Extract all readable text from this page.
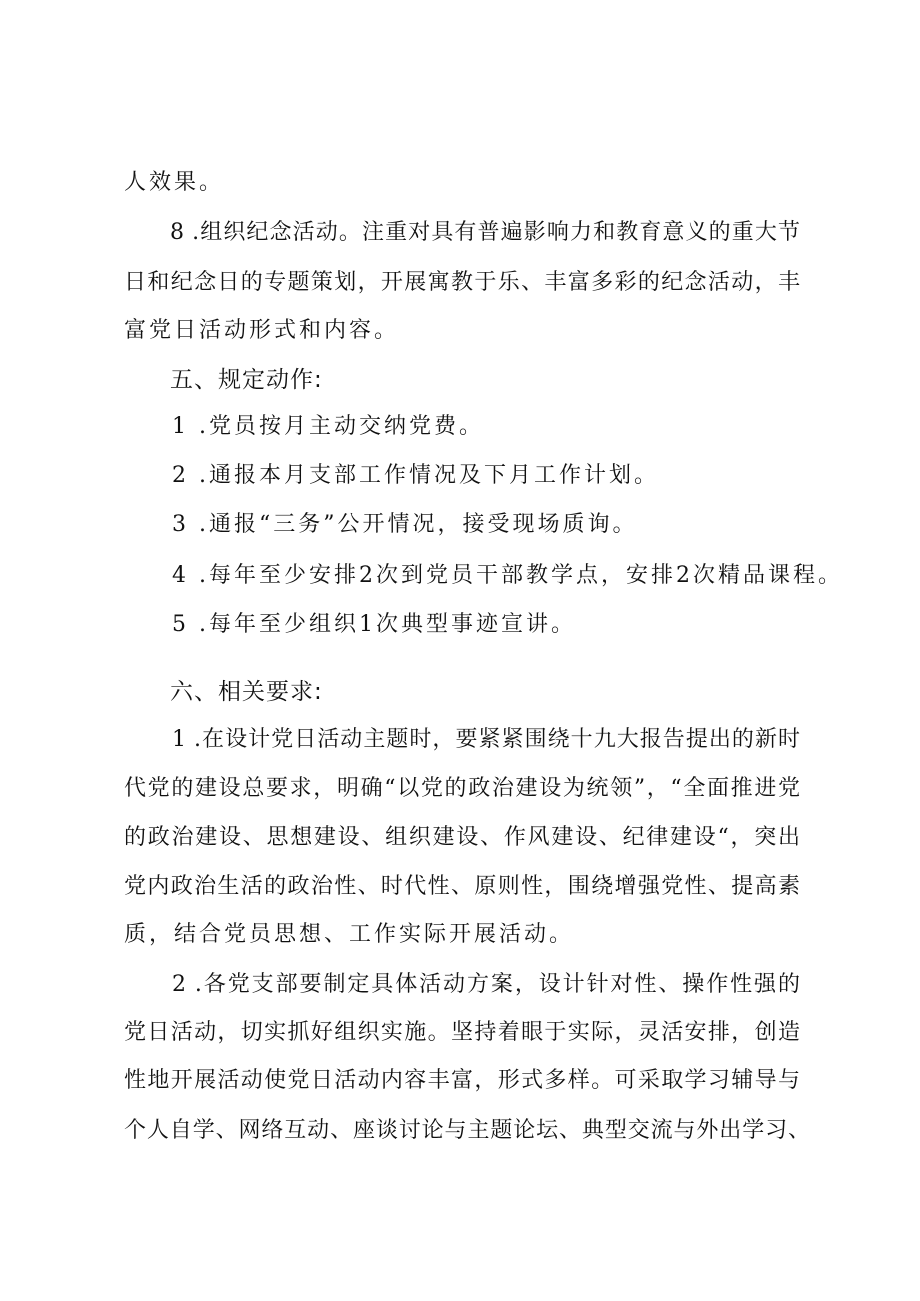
人效果。
8 .组织纪念活动。注重对具有普遍影响力和教育意义的重大节
日和纪念日的专题策划，开展寓教于乐、丰富多彩的纪念活动，丰
富党日活动形式和内容。
五、规定动作:
1 .党员按月主动交纳党费。
2 .通报本月支部工作情况及下月工作计划。
3 .通报“三务”公开情况，接受现场质询。
4 .每年至少安排2次到党员干部教学点，安排2次精品课程。
5 .每年至少组织1次典型事迹宣讲。
六、相关要求:
1 .在设计党日活动主题时，要紧紧围绕十九大报告提出的新时
代党的建设总要求，明确“以党的政治建设为统领”，“全面推进党
的政治建设、思想建设、组织建设、作风建设、纪律建设“，突出
党内政治生活的政治性、时代性、原则性，围绕增强党性、提高素
质，结合党员思想、工作实际开展活动。
2 .各党支部要制定具体活动方案，设计针对性、操作性强的
党日活动，切实抓好组织实施。坚持着眼于实际，灵活安排，创造
性地开展活动使党日活动内容丰富，形式多样。可采取学习辅导与
个人自学、网络互动、座谈讨论与主题论坛、典型交流与外出学习、
